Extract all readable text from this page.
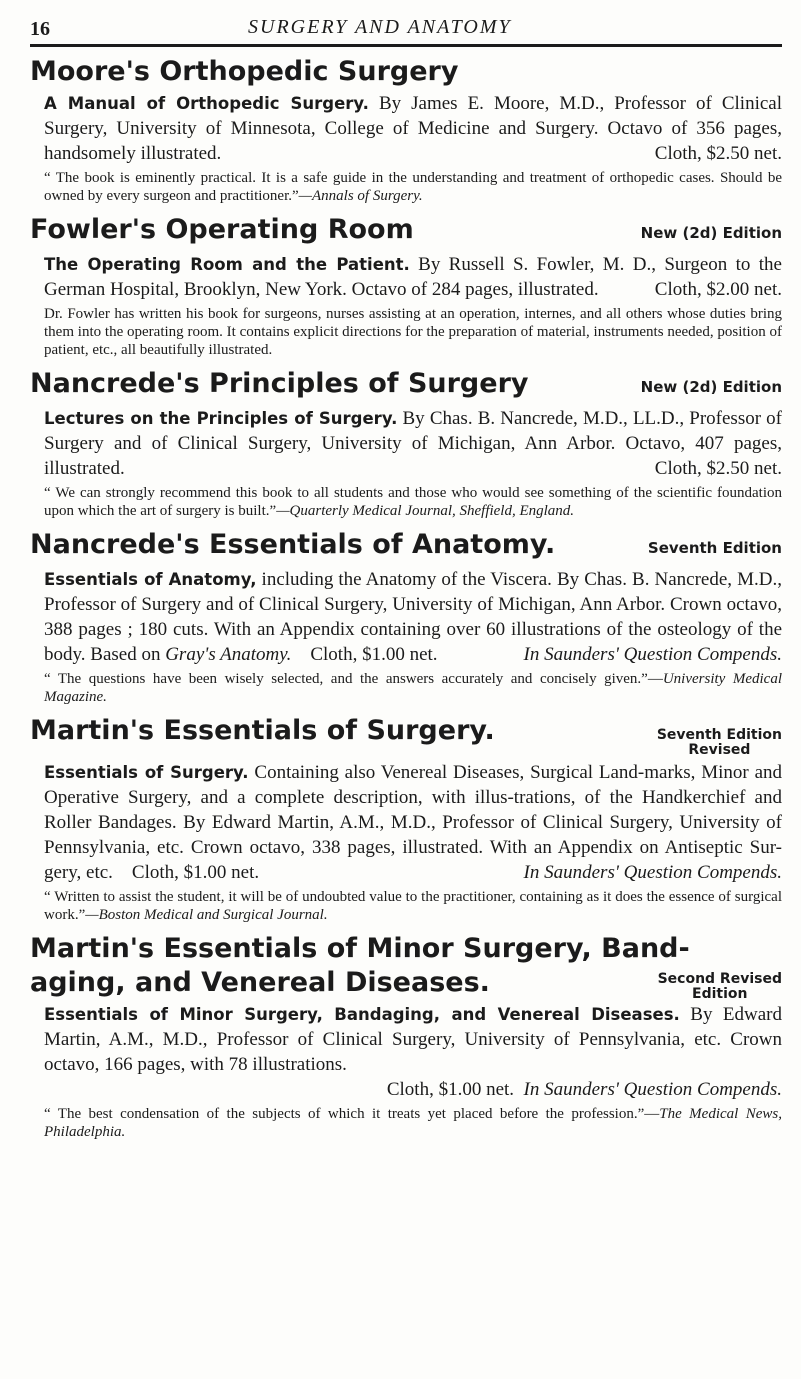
16	SURGERY AND ANATOMY
Moore's Orthopedic Surgery
A Manual of Orthopedic Surgery. By James E. Moore, M.D., Professor of Clinical Surgery, University of Minnesota, College of Medicine and Surgery. Octavo of 356 pages, handsomely illustrated.	Cloth, $2.50 net.
“ The book is eminently practical. It is a safe guide in the understanding and treatment of orthopedic cases. Should be owned by every surgeon and practitioner.”—Annals of Surgery.
Fowler's Operating Room	New (2d) Edition
The Operating Room and the Patient. By Russell S. Fowler, M. D., Surgeon to the German Hospital, Brooklyn, New York. Octavo of 284 pages, illustrated.	Cloth, $2.00 net.
Dr. Fowler has written his book for surgeons, nurses assisting at an operation, internes, and all others whose duties bring them into the operating room. It contains explicit directions for the preparation of material, instruments needed, position of patient, etc., all beautifully illustrated.
Nancrede's Principles of Surgery	New (2d) Edition
Lectures on the Principles of Surgery. By Chas. B. Nancrede, M.D., LL.D., Professor of Surgery and of Clinical Surgery, University of Michigan, Ann Arbor. Octavo, 407 pages, illustrated.	Cloth, $2.50 net.
“ We can strongly recommend this book to all students and those who would see something of the scientific foundation upon which the art of surgery is built.”—Quarterly Medical Journal, Sheffield, England.
Nancrede's Essentials of Anatomy.	Seventh Edition
Essentials of Anatomy, including the Anatomy of the Viscera. By Chas. B. Nancrede, M.D., Professor of Surgery and of Clinical Surgery, University of Michigan, Ann Arbor. Crown octavo, 388 pages ; 180 cuts. With an Appendix containing over 60 illustrations of the osteology of the body. Based on Gray's Anatomy. Cloth, $1.00 net.	In Saunders' Question Compends.
“ The questions have been wisely selected, and the answers accurately and concisely given.”—University Medical Magazine.
Martin's Essentials of Surgery.	Seventh Edition
Revised
Essentials of Surgery. Containing also Venereal Diseases, Surgical Land-marks, Minor and Operative Surgery, and a complete description, with illus-trations, of the Handkerchief and Roller Bandages. By Edward Martin, A.M., M.D., Professor of Clinical Surgery, University of Pennsylvania, etc. Crown octavo, 338 pages, illustrated. With an Appendix on Antiseptic Sur-gery, etc. Cloth, $1.00 net.	In Saunders' Question Compends.
“ Written to assist the student, it will be of undoubted value to the practitioner, containing as it does the essence of surgical work.”—Boston Medical and Surgical Journal.
Martin's Essentials of Minor Surgery, Band-aging, and Venereal Diseases.	Second Revised
Edition
Essentials of Minor Surgery, Bandaging, and Venereal Diseases. By Edward Martin, A.M., M.D., Professor of Clinical Surgery, University of Pennsylvania, etc. Crown octavo, 166 pages, with 78 illustrations.
Cloth, $1.00 net. In Saunders' Question Compends.
“ The best condensation of the subjects of which it treats yet placed before the profession.”—The Medical News, Philadelphia.
